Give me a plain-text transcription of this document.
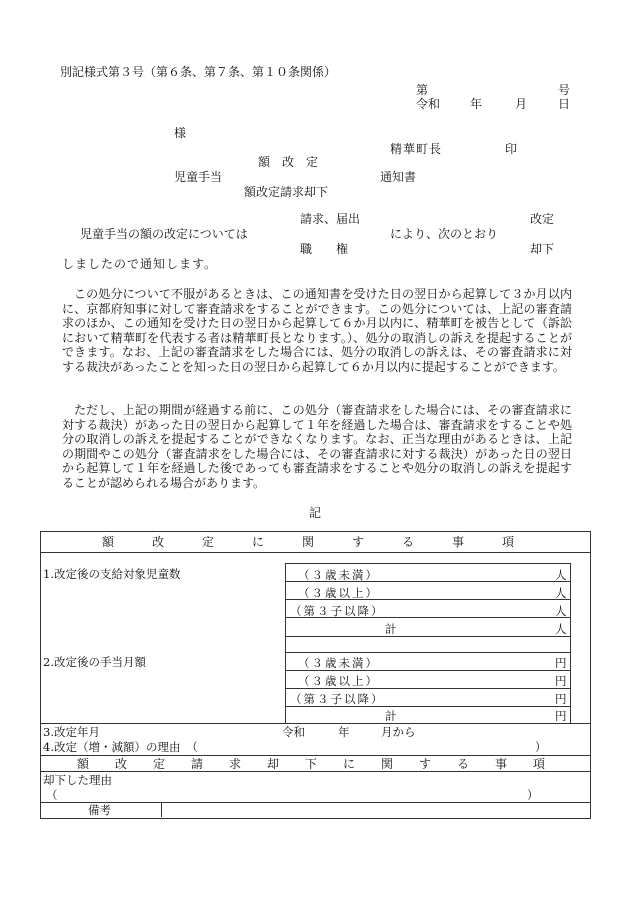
別記様式第３号（第６条、第７条、第１０条関係）
第	号
令和 年	月	日
様
精華町長	印
額　改　定
児童手当	通知書
額改定請求却下
請求、届出	改定
児童手当の額の改定については	により、次のとおり
職　　権	却下
しましたので通知します。
この処分について不服があるときは、この通知書を受けた日の翌日から起算して３か月以内に、京都府知事に対して審査請求をすることができます。この処分については、上記の審査請求のほか、この通知を受けた日の翌日から起算して６か月以内に、精華町を被告として（訴訟において精華町を代表する者は精華町長となります。）、処分の取消しの訴えを提起することができます。なお、上記の審査請求をした場合には、処分の取消しの訴えは、その審査請求に対する裁決があったことを知った日の翌日から起算して６か月以内に提起することができます。
ただし、上記の期間が経過する前に、この処分（審査請求をした場合には、その審査請求に対する裁決）があった日の翌日から起算して１年を経過した場合は、審査請求をすることや処分の取消しの訴えを提起することができなくなります。なお、正当な理由があるときは、上記の期間やこの処分（審査請求をした場合には、その審査請求に対する裁決）があった日の翌日から起算して１年を経過した後であっても審査請求をすることや処分の取消しの訴えを提起することが認められる場合があります。
記
額　改　定　に　関　す　る　事　項
1.改定後の支給対象児童数	（３歳未満）	人
（３歳以上）	人
（第３子以降）	人
計	人
2.改定後の手当月額	（３歳未満）	円
（３歳以上）	円
（第３子以降）	円
計	円
3.改定年月	令和	年	月から
4.改定（増・減額）の理由　（	）
額　改　定　請　求　却　下　に　関　す　る　事　項
却下した理由
（	）
備考
